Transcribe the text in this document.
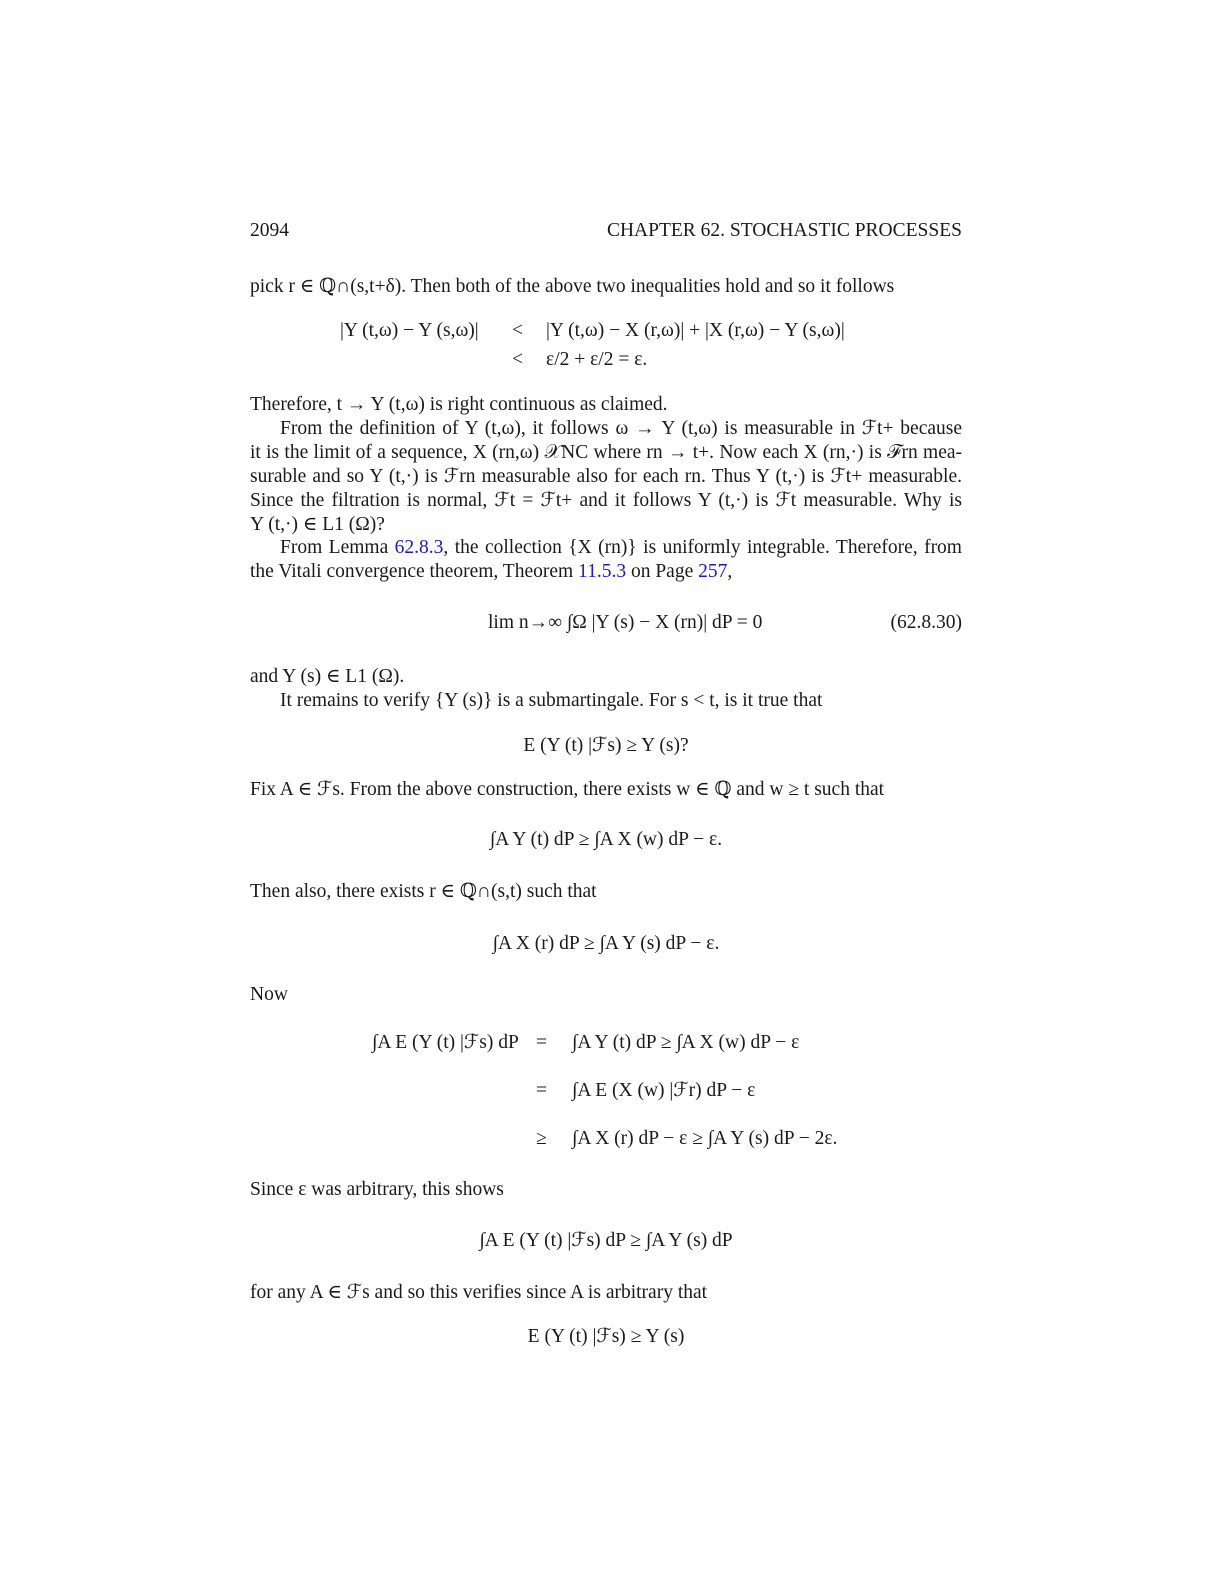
2094	CHAPTER 62. STOCHASTIC PROCESSES
pick r ∈ ℚ∩(s,t+δ). Then both of the above two inequalities hold and so it follows
|Y (t,ω) − Y (s,ω)| < |Y (t,ω) − X (r,ω)| + |X (r,ω) − Y (s,ω)|
< ε/2 + ε/2 = ε.
Therefore, t → Y (t,ω) is right continuous as claimed.
From the definition of Y (t,ω), it follows ω → Y (t,ω) is measurable in ℱt+ because
it is the limit of a sequence, X (rn,ω) 𝒳NC where rn → t+. Now each X (rn,·) is ℱrn mea-
surable and so Y (t,·) is ℱrn measurable also for each rn. Thus Y (t,·) is ℱt+ measurable.
Since the filtration is normal, ℱt = ℱt+ and it follows Y (t,·) is ℱt measurable. Why is
Y (t,·) ∈ L1 (Ω)?
From Lemma 62.8.3, the collection {X (rn)} is uniformly integrable. Therefore, from
the Vitali convergence theorem, Theorem 11.5.3 on Page 257,
lim n→∞ ∫Ω |Y (s) − X (rn)| dP = 0	(62.8.30)
and Y (s) ∈ L1 (Ω).
It remains to verify {Y (s)} is a submartingale. For s < t, is it true that
E (Y (t) |ℱs) ≥ Y (s)?
Fix A ∈ ℱs. From the above construction, there exists w ∈ ℚ and w ≥ t such that
∫A Y (t) dP ≥ ∫A X (w) dP − ε.
Then also, there exists r ∈ ℚ∩(s,t) such that
∫A X (r) dP ≥ ∫A Y (s) dP − ε.
Now
∫A E (Y (t) |ℱs) dP = ∫A Y (t) dP ≥ ∫A X (w) dP − ε
= ∫A E (X (w) |ℱr) dP − ε
≥ ∫A X (r) dP − ε ≥ ∫A Y (s) dP − 2ε.
Since ε was arbitrary, this shows
∫A E (Y (t) |ℱs) dP ≥ ∫A Y (s) dP
for any A ∈ ℱs and so this verifies since A is arbitrary that
E (Y (t) |ℱs) ≥ Y (s)
